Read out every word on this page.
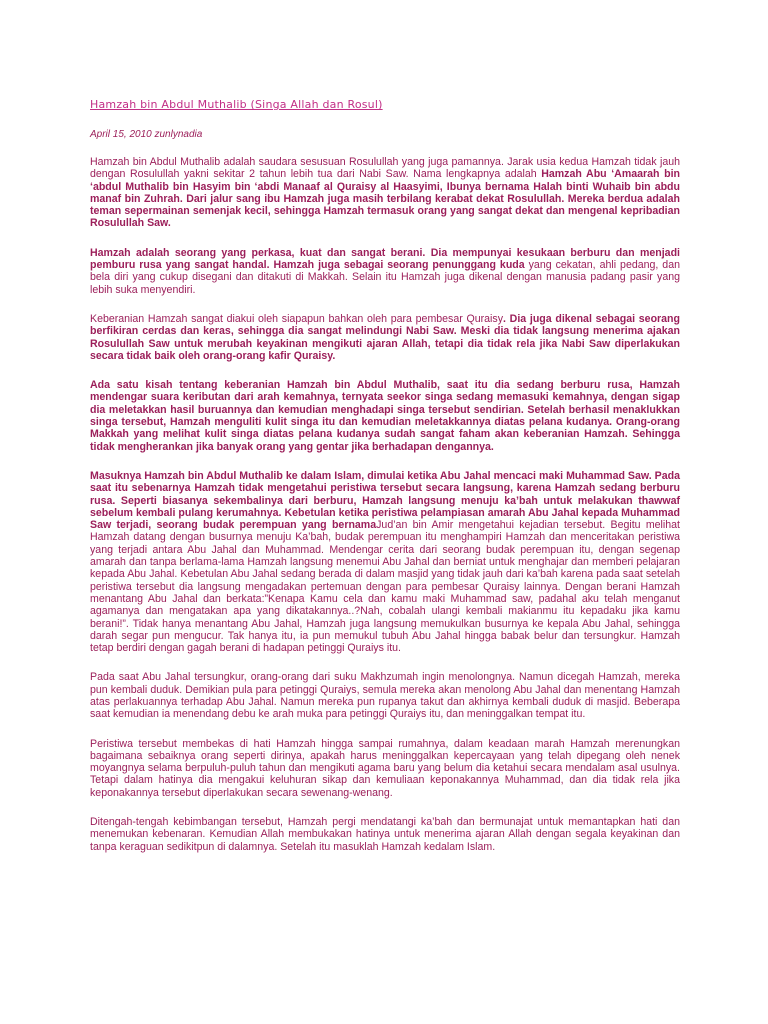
Hamzah bin Abdul Muthalib (Singa Allah dan Rosul)
April 15, 2010 zunlynadia

Hamzah bin Abdul Muthalib adalah saudara sesusuan Rosulullah yang juga pamannya. Jarak usia kedua Hamzah tidak jauh dengan Rosulullah yakni sekitar 2 tahun lebih tua dari Nabi Saw. Nama lengkapnya adalah Hamzah Abu ‘Amaarah bin ‘abdul Muthalib bin Hasyim bin ‘abdi Manaaf al Quraisy al Haasyimi, Ibunya bernama Halah binti Wuhaib bin abdu manaf bin Zuhrah. Dari jalur sang ibu Hamzah juga masih terbilang kerabat dekat Rosulullah. Mereka berdua adalah teman sepermainan semenjak kecil, sehingga Hamzah termasuk orang yang sangat dekat dan mengenal kepribadian Rosulullah Saw.

Hamzah adalah seorang yang perkasa, kuat dan sangat berani. Dia mempunyai kesukaan berburu dan menjadi pemburu rusa yang sangat handal. Hamzah juga sebagai seorang penunggang kuda yang cekatan, ahli pedang, dan bela diri yang cukup disegani dan ditakuti di Makkah. Selain itu Hamzah juga dikenal dengan manusia padang pasir yang lebih suka menyendiri.

Keberanian Hamzah sangat diakui oleh siapapun bahkan oleh para pembesar Quraisy. Dia juga dikenal sebagai seorang berfikiran cerdas dan keras, sehingga dia sangat melindungi Nabi Saw. Meski dia tidak langsung menerima ajakan Rosulullah Saw untuk merubah keyakinan mengikuti ajaran Allah, tetapi dia tidak rela jika Nabi Saw diperlakukan secara tidak baik oleh orang-orang kafir Quraisy.

Ada satu kisah tentang keberanian Hamzah bin Abdul Muthalib, saat itu dia sedang berburu rusa, Hamzah mendengar suara keributan dari arah kemahnya, ternyata seekor singa sedang memasuki kemahnya, dengan sigap dia meletakkan hasil buruannya dan kemudian menghadapi singa tersebut sendirian. Setelah berhasil menaklukkan singa tersebut, Hamzah menguliti kulit singa itu dan kemudian meletakkannya diatas pelana kudanya. Orang-orang Makkah yang melihat kulit singa diatas pelana kudanya sudah sangat faham akan keberanian Hamzah. Sehingga tidak mengherankan jika banyak orang yang gentar jika berhadapan dengannya.

Masuknya Hamzah bin Abdul Muthalib ke dalam Islam, dimulai ketika Abu Jahal mencaci maki Muhammad Saw. Pada saat itu sebenarnya Hamzah tidak mengetahui peristiwa tersebut secara langsung, karena Hamzah sedang berburu rusa. Seperti biasanya sekembalinya dari berburu, Hamzah langsung menuju ka’bah untuk melakukan thawwaf sebelum kembali pulang kerumahnya. Kebetulan ketika peristiwa pelampiasan amarah Abu Jahal kepada Muhammad Saw terjadi, seorang budak perempuan yang bernamaJud’an bin Amir mengetahui kejadian tersebut. Begitu melihat Hamzah datang dengan busurnya menuju Ka’bah, budak perempuan itu menghampiri Hamzah dan menceritakan peristiwa yang terjadi antara Abu Jahal dan Muhammad. Mendengar cerita dari seorang budak perempuan itu, dengan segenap amarah dan tanpa berlama-lama Hamzah langsung menemui Abu Jahal dan berniat untuk menghajar dan memberi pelajaran kepada Abu Jahal. Kebetulan Abu Jahal sedang berada di dalam masjid yang tidak jauh dari ka’bah karena pada saat setelah peristiwa tersebut dia langsung mengadakan pertemuan dengan para pembesar Quraisy lainnya. Dengan berani Hamzah menantang Abu Jahal dan berkata:”Kenapa Kamu cela dan kamu maki Muhammad saw, padahal aku telah menganut agamanya dan mengatakan apa yang dikatakannya..?Nah, cobalah ulangi kembali makianmu itu kepadaku jika kamu berani!”. Tidak hanya menantang Abu Jahal, Hamzah juga langsung memukulkan busurnya ke kepala Abu Jahal, sehingga darah segar pun mengucur. Tak hanya itu, ia pun memukul tubuh Abu Jahal hingga babak belur dan tersungkur. Hamzah tetap berdiri dengan gagah berani di hadapan petinggi Quraiys itu.

Pada saat Abu Jahal tersungkur, orang-orang dari suku Makhzumah ingin menolongnya. Namun dicegah Hamzah, mereka pun kembali duduk. Demikian pula para petinggi Quraiys, semula mereka akan menolong Abu Jahal dan menentang Hamzah atas perlakuannya terhadap Abu Jahal. Namun mereka pun rupanya takut dan akhirnya kembali duduk di masjid. Beberapa saat kemudian ia menendang debu ke arah muka para petinggi Quraiys itu, dan meninggalkan tempat itu.

Peristiwa tersebut membekas di hati Hamzah hingga sampai rumahnya, dalam keadaan marah Hamzah merenungkan bagaimana sebaiknya orang seperti dirinya, apakah harus meninggalkan kepercayaan yang telah dipegang oleh nenek moyangnya selama berpuluh-puluh tahun dan mengikuti agama baru yang belum dia ketahui secara mendalam asal usulnya. Tetapi dalam hatinya dia mengakui keluhuran sikap dan kemuliaan keponakannya Muhammad, dan dia tidak rela jika keponakannya tersebut diperlakukan secara sewenang-wenang.

Ditengah-tengah kebimbangan tersebut, Hamzah pergi mendatangi ka’bah dan bermunajat untuk memantapkan hati dan menemukan kebenaran. Kemudian Allah membukakan hatinya untuk menerima ajaran Allah dengan segala keyakinan dan tanpa keraguan sedikitpun di dalamnya. Setelah itu masuklah Hamzah kedalam Islam.
